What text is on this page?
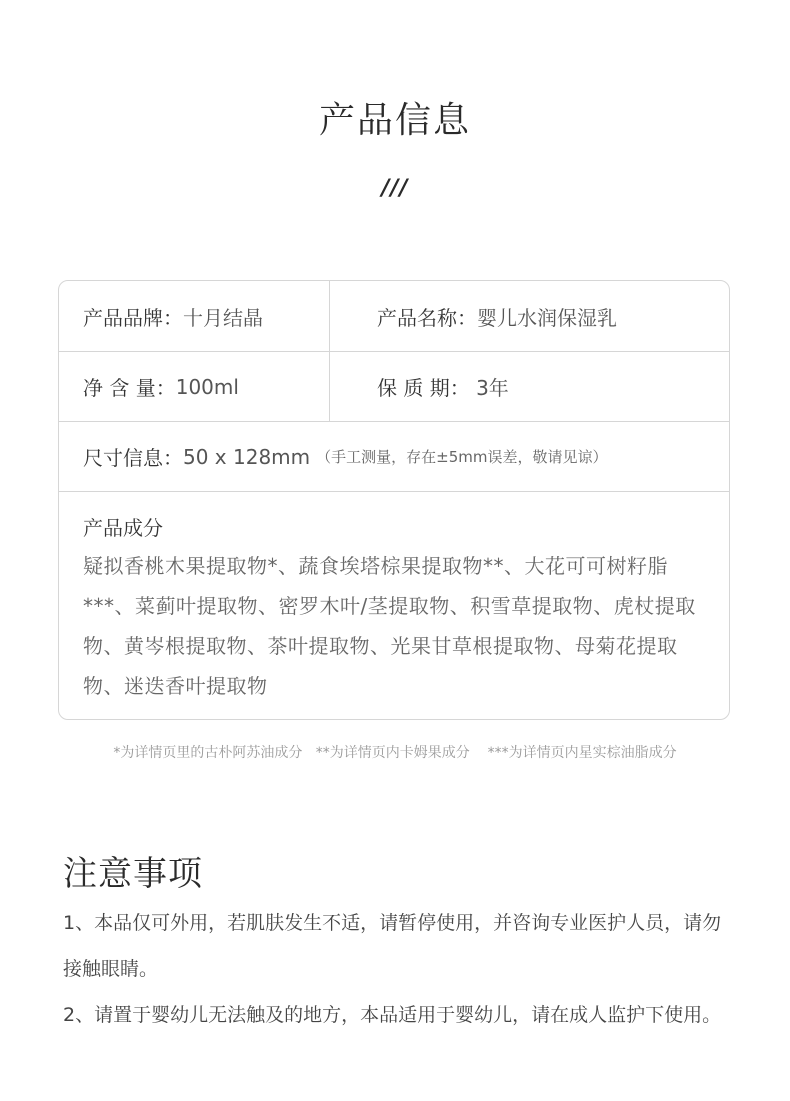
产品信息
///
产品品牌： 十月结晶	产品名称： 婴儿水润保湿乳
净 含 量： 100ml	保 质 期： 3年
尺寸信息： 50 x 128mm （手工测量，存在±5mm误差，敬请见谅）
产品成分
疑拟香桃木果提取物*、蔬食埃塔棕果提取物**、大花可可树籽脂***、菜蓟叶提取物、密罗木叶/茎提取物、积雪草提取物、虎杖提取物、黄岑根提取物、茶叶提取物、光果甘草根提取物、母菊花提取物、迷迭香叶提取物
*为详情页里的古朴阿苏油成分   **为详情页内卡姆果成分    ***为详情页内星实棕油脂成分
注意事项

1、本品仅可外用，若肌肤发生不适，请暂停使用，并咨询专业医护人员，请勿接触眼睛。

2、请置于婴幼儿无法触及的地方，本品适用于婴幼儿，请在成人监护下使用。
